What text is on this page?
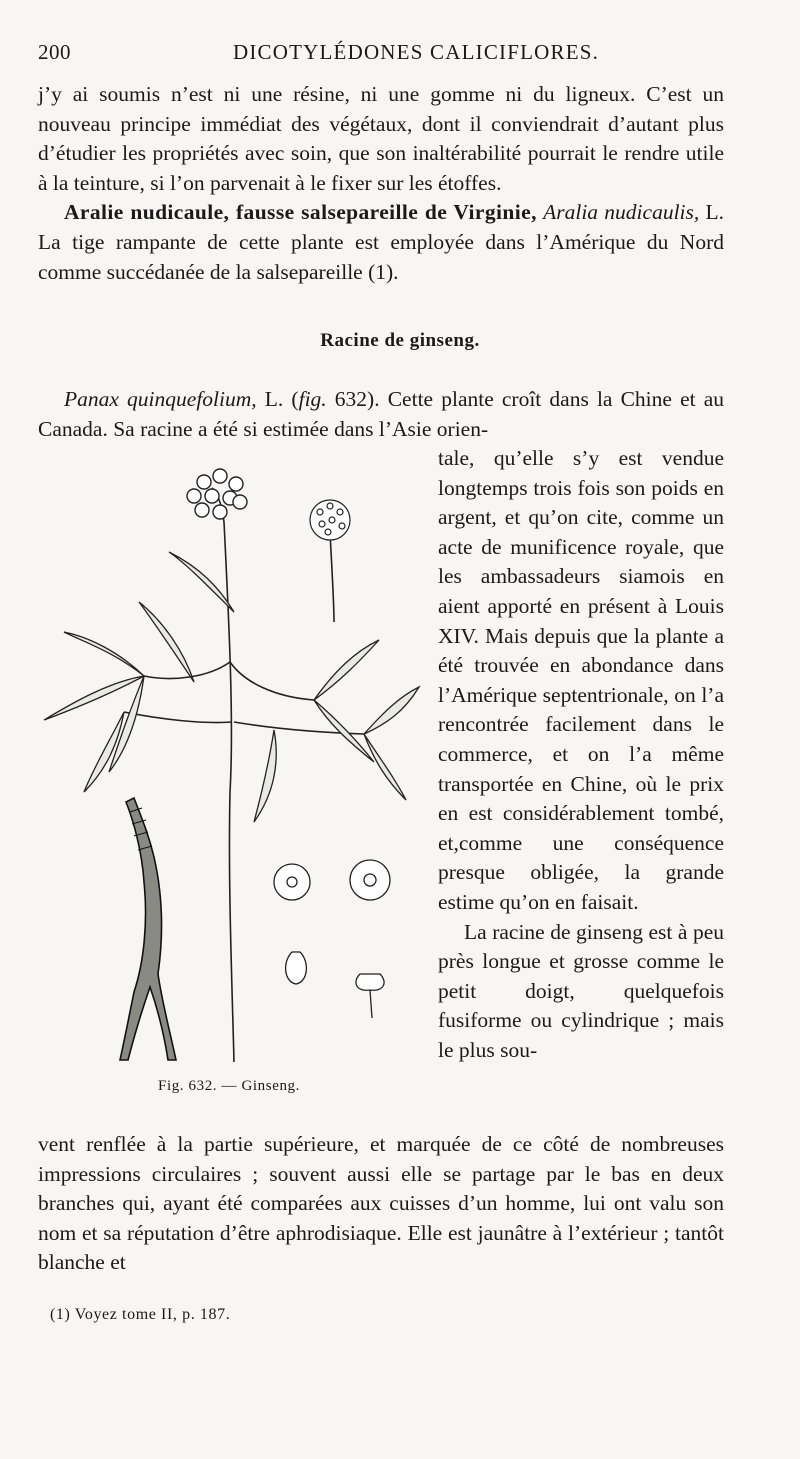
200	DICOTYLÉDONES CALICIFLORES.

j’y ai soumis n’est ni une résine, ni une gomme ni du ligneux. C’est un nouveau principe immédiat des végétaux, dont il conviendrait d’autant plus d’étudier les propriétés avec soin, que son inaltérabilité pourrait le rendre utile à la teinture, si l’on parvenait à le fixer sur les étoffes.

Aralie nudicaule, fausse salsepareille de Virginie, Aralia nudicaulis, L. La tige rampante de cette plante est employée dans l’Amérique du Nord comme succédanée de la salsepareille (1).

Racine de ginseng.

Panax quinquefolium, L. (fig. 632). Cette plante croît dans la Chine et au Canada. Sa racine a été si estimée dans l’Asie orien-

tale, qu’elle s’y est vendue longtemps trois fois son poids en argent, et qu’on cite, comme un acte de munificence royale, que les ambassadeurs siamois en aient apporté en présent à Louis XIV. Mais depuis que la plante a été trouvée en abondance dans l’Amérique septentrionale, on l’a rencontrée facilement dans le commerce, et on l’a même transportée en Chine, où le prix en est considérablement tombé, et,comme une conséquence presque obligée, la grande estime qu’on en faisait.

La racine de ginseng est à peu près longue et grosse comme le petit doigt, quelquefois fusiforme ou cylindrique ; mais le plus sou-

Fig. 632. — Ginseng.

vent renflée à la partie supérieure, et marquée de ce côté de nombreuses impressions circulaires ; souvent aussi elle se partage par le bas en deux branches qui, ayant été comparées aux cuisses d’un homme, lui ont valu son nom et sa réputation d’être aphrodisiaque. Elle est jaunâtre à l’extérieur ; tantôt blanche et

(1) Voyez tome II, p. 187.
